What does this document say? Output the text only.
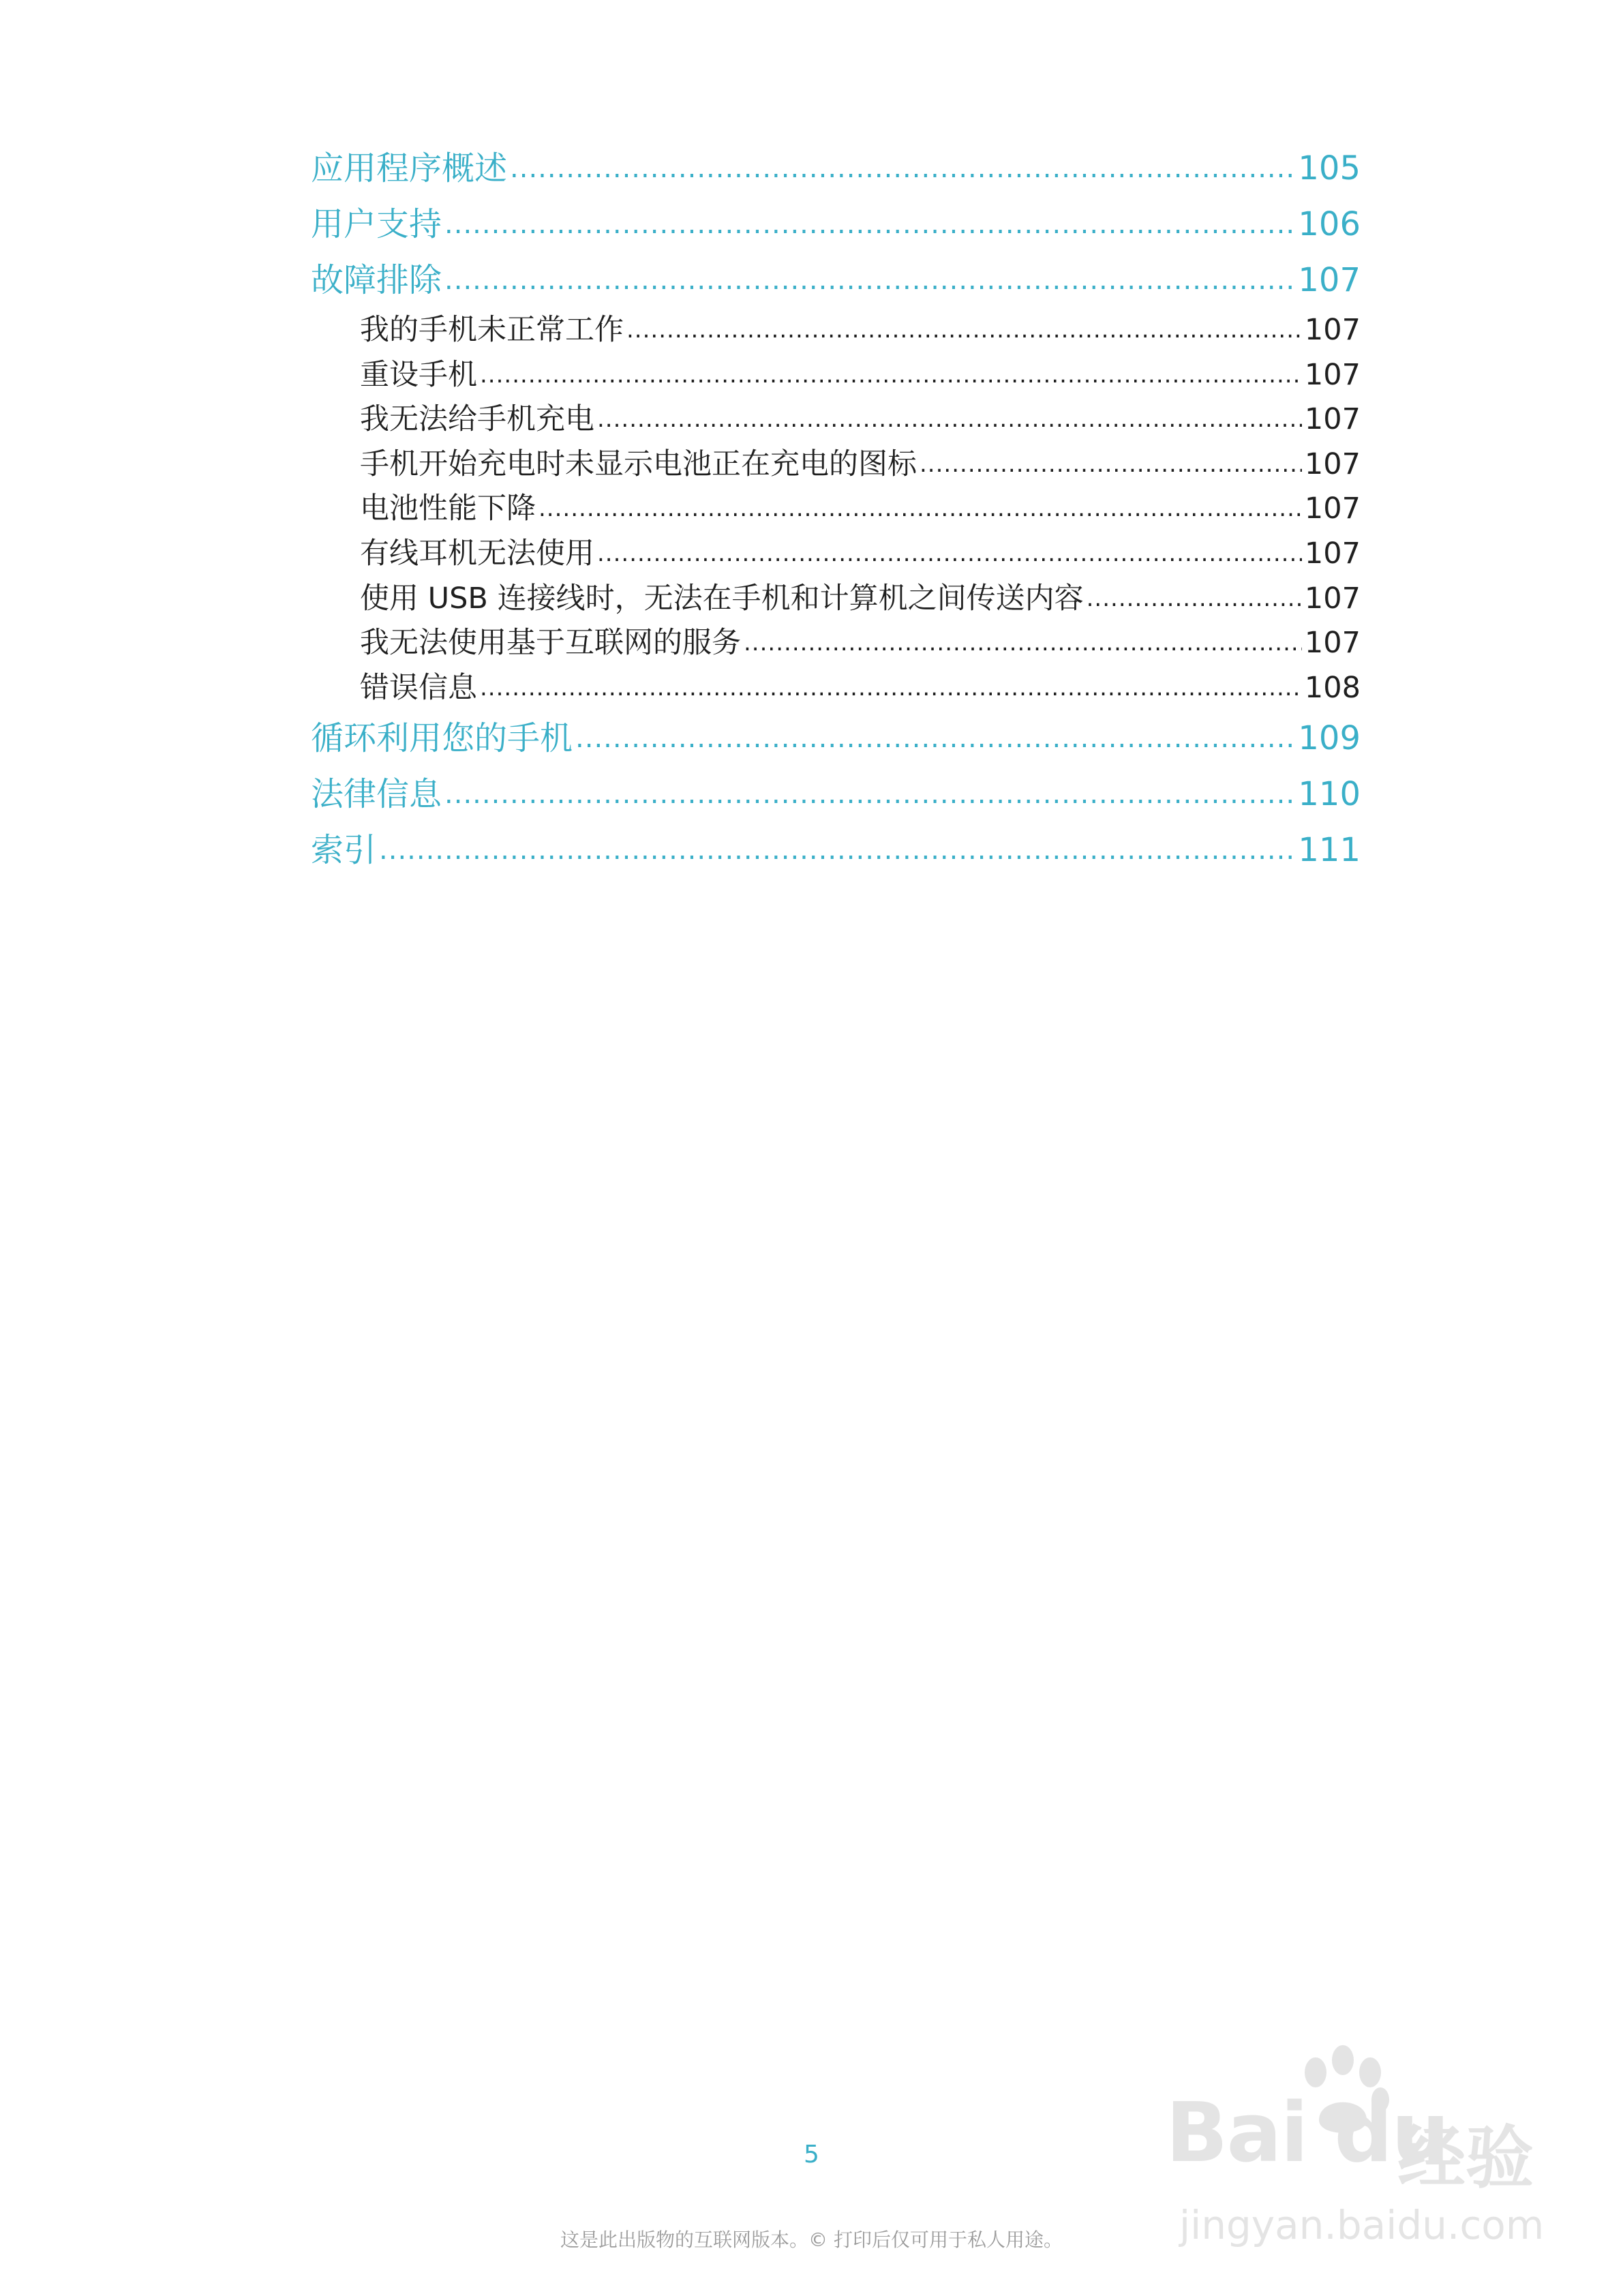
应用程序概述 .....	105
用户支持 .....	106
故障排除 .....	107
我的手机未正常工作 .....	107
重设手机 .....	107
我无法给手机充电 .....	107
手机开始充电时未显示电池正在充电的图标 .....	107
电池性能下降 .....	107
有线耳机无法使用 .....	107
使用 USB 连接线时，无法在手机和计算机之间传送内容 .....	107
我无法使用基于互联网的服务 .....	107
错误信息 .....	108
循环利用您的手机 .....	109
法律信息 .....	110
索引 .....	111
5
这是此出版物的互联网版本。© 打印后仅可用于私人用途。
Bai du
经验
jingyan.baidu.com
